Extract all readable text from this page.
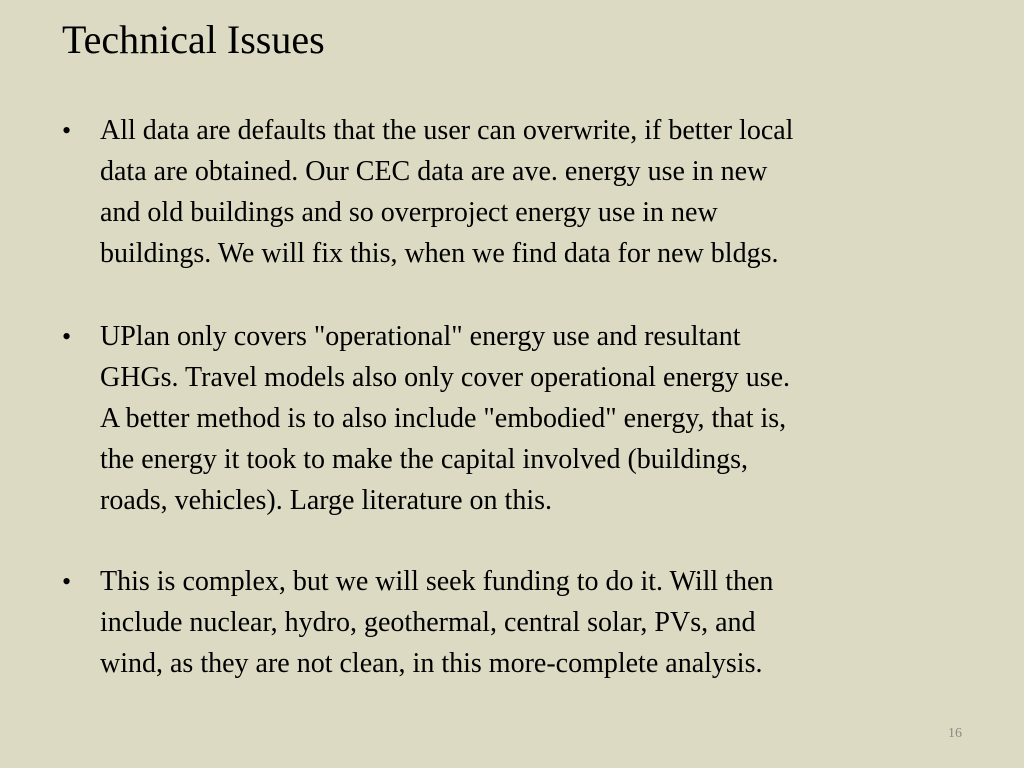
Technical Issues
•	All data are defaults that the user can overwrite, if better local
data are obtained. Our CEC data are ave. energy use in new
and old buildings and so overproject energy use in new
buildings. We will fix this, when we find data for new bldgs.
•	UPlan only covers "operational" energy use and resultant
GHGs. Travel models also only cover operational energy use.
A better method is to also include "embodied" energy, that is,
the energy it took to make the capital involved (buildings,
roads, vehicles). Large literature on this.
•	This is complex, but we will seek funding to do it. Will then
include nuclear, hydro, geothermal, central solar, PVs, and
wind, as they are not clean, in this more-complete analysis.
16
